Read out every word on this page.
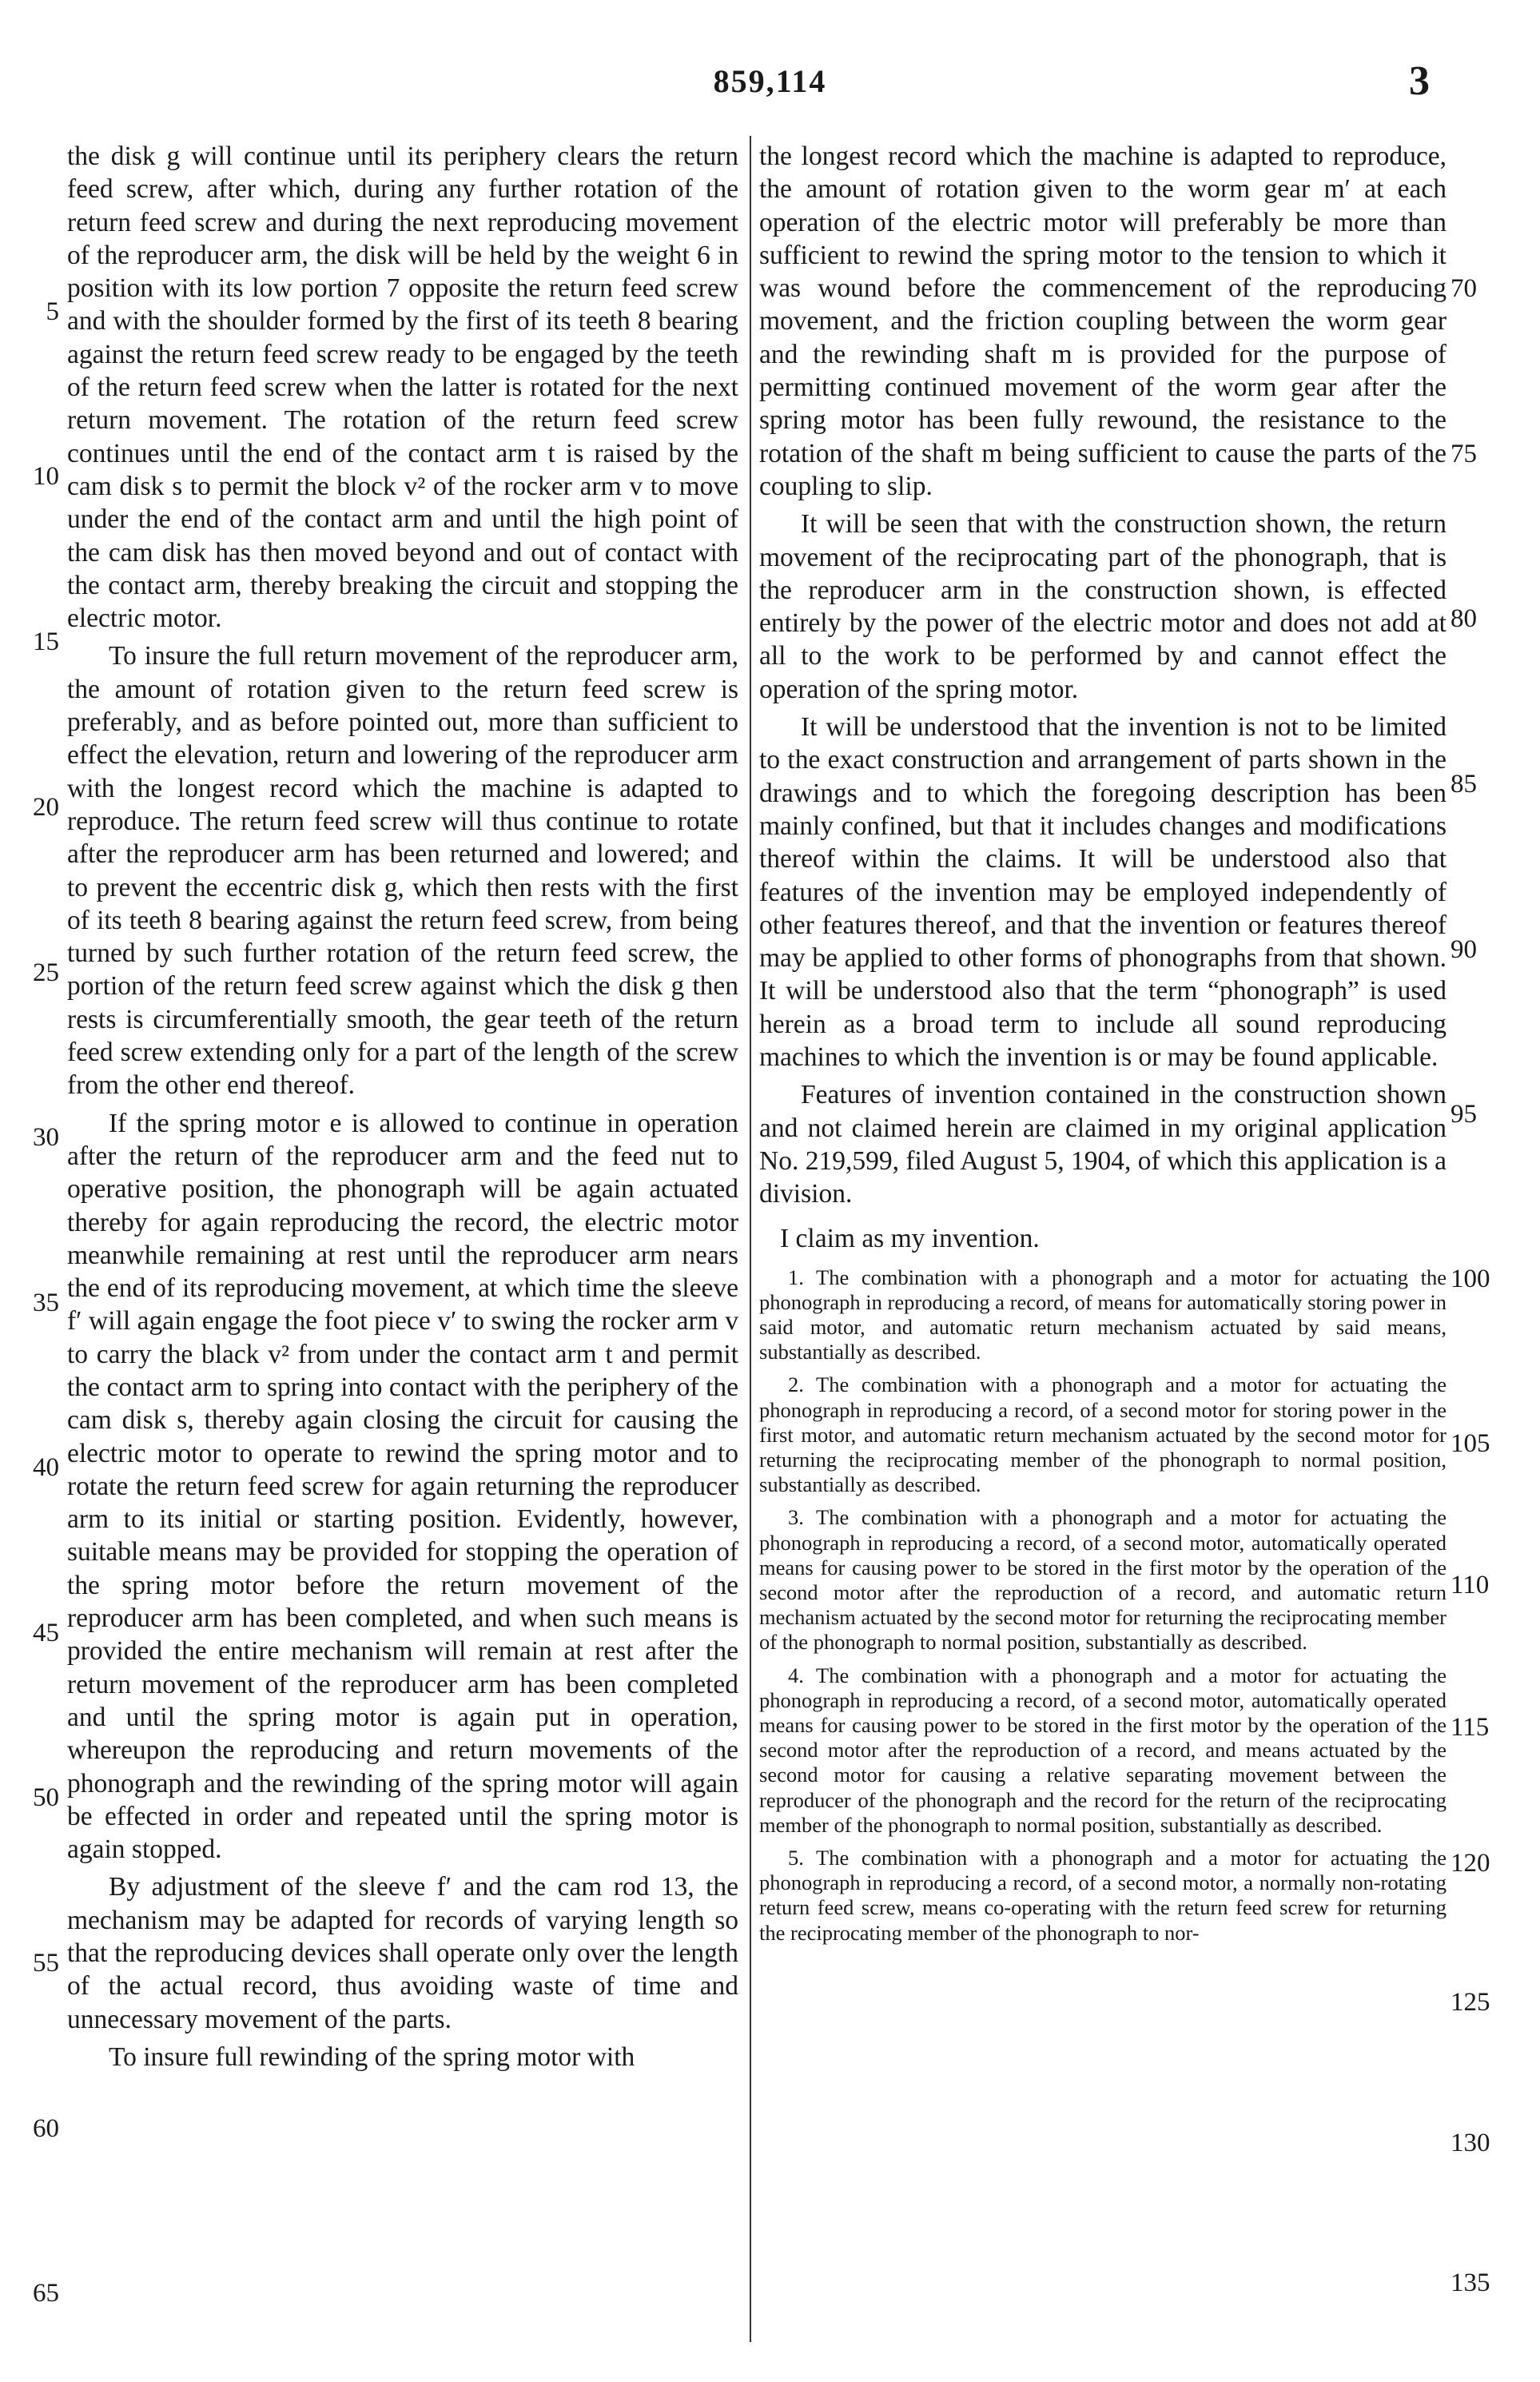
859,114	3

the disk g will continue until its periphery clears the return feed screw, after which, during any further rotation of the return feed screw and during the next reproducing movement of the reproducer arm, the disk will be held by the weight 6 in position with its low portion 7 opposite the return feed screw and with the shoulder formed by the first of its teeth 8 bearing against the return feed screw ready to be engaged by the teeth of the return feed screw when the latter is rotated for the next return movement. The rotation of the return feed screw continues until the end of the contact arm t is raised by the cam disk s to permit the block v² of the rocker arm v to move under the end of the contact arm and until the high point of the cam disk has then moved beyond and out of contact with the contact arm, thereby breaking the circuit and stopping the electric motor.

To insure the full return movement of the reproducer arm, the amount of rotation given to the return feed screw is preferably, and as before pointed out, more than sufficient to effect the elevation, return and lowering of the reproducer arm with the longest record which the machine is adapted to reproduce. The return feed screw will thus continue to rotate after the reproducer arm has been returned and lowered; and to prevent the eccentric disk g, which then rests with the first of its teeth 8 bearing against the return feed screw, from being turned by such further rotation of the return feed screw, the portion of the return feed screw against which the disk g then rests is circumferentially smooth, the gear teeth of the return feed screw extending only for a part of the length of the screw from the other end thereof.

If the spring motor e is allowed to continue in operation after the return of the reproducer arm and the feed nut to operative position, the phonograph will be again actuated thereby for again reproducing the record, the electric motor meanwhile remaining at rest until the reproducer arm nears the end of its reproducing movement, at which time the sleeve f′ will again engage the foot piece v′ to swing the rocker arm v to carry the black v² from under the contact arm t and permit the contact arm to spring into contact with the periphery of the cam disk s, thereby again closing the circuit for causing the electric motor to operate to rewind the spring motor and to rotate the return feed screw for again returning the reproducer arm to its initial or starting position. Evidently, however, suitable means may be provided for stopping the operation of the spring motor before the return movement of the reproducer arm has been completed, and when such means is provided the entire mechanism will remain at rest after the return movement of the reproducer arm has been completed and until the spring motor is again put in operation, whereupon the reproducing and return movements of the phonograph and the rewinding of the spring motor will again be effected in order and repeated until the spring motor is again stopped.

By adjustment of the sleeve f′ and the cam rod 13, the mechanism may be adapted for records of varying length so that the reproducing devices shall operate only over the length of the actual record, thus avoiding waste of time and unnecessary movement of the parts.

To insure full rewinding of the spring motor with

5
10
15
20
25
30
35
40
45
50
55
60
65

the longest record which the machine is adapted to reproduce, the amount of rotation given to the worm gear m′ at each operation of the electric motor will preferably be more than sufficient to rewind the spring motor to the tension to which it was wound before the commencement of the reproducing movement, and the friction coupling between the worm gear and the rewinding shaft m is provided for the purpose of permitting continued movement of the worm gear after the spring motor has been fully rewound, the resistance to the rotation of the shaft m being sufficient to cause the parts of the coupling to slip.

It will be seen that with the construction shown, the return movement of the reciprocating part of the phonograph, that is the reproducer arm in the construction shown, is effected entirely by the power of the electric motor and does not add at all to the work to be performed by and cannot effect the operation of the spring motor.

It will be understood that the invention is not to be limited to the exact construction and arrangement of parts shown in the drawings and to which the foregoing description has been mainly confined, but that it includes changes and modifications thereof within the claims. It will be understood also that features of the invention may be employed independently of other features thereof, and that the invention or features thereof may be applied to other forms of phonographs from that shown. It will be understood also that the term “phonograph” is used herein as a broad term to include all sound reproducing machines to which the invention is or may be found applicable.

Features of invention contained in the construction shown and not claimed herein are claimed in my original application No. 219,599, filed August 5, 1904, of which this application is a division.

I claim as my invention.

1. The combination with a phonograph and a motor for actuating the phonograph in reproducing a record, of means for automatically storing power in said motor, and automatic return mechanism actuated by said means, substantially as described.

2. The combination with a phonograph and a motor for actuating the phonograph in reproducing a record, of a second motor for storing power in the first motor, and automatic return mechanism actuated by the second motor for returning the reciprocating member of the phonograph to normal position, substantially as described.

3. The combination with a phonograph and a motor for actuating the phonograph in reproducing a record, of a second motor, automatically operated means for causing power to be stored in the first motor by the operation of the second motor after the reproduction of a record, and automatic return mechanism actuated by the second motor for returning the reciprocating member of the phonograph to normal position, substantially as described.

4. The combination with a phonograph and a motor for actuating the phonograph in reproducing a record, of a second motor, automatically operated means for causing power to be stored in the first motor by the operation of the second motor after the reproduction of a record, and means actuated by the second motor for causing a relative separating movement between the reproducer of the phonograph and the record for the return of the reciprocating member of the phonograph to normal position, substantially as described.

5. The combination with a phonograph and a motor for actuating the phonograph in reproducing a record, of a second motor, a normally non-rotating return feed screw, means co-operating with the return feed screw for returning the reciprocating member of the phonograph to nor-

70
75
80
85
90
95
100
105
110
115
120
125
130
135
